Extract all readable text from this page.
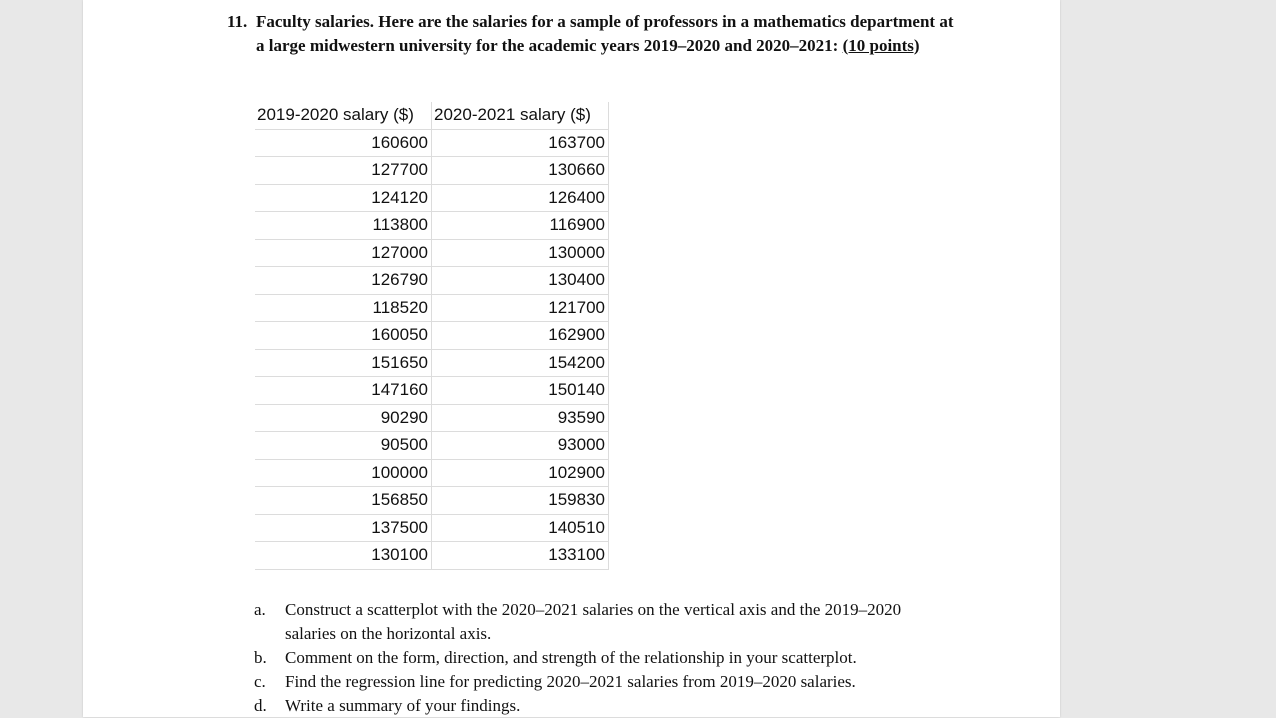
11. Faculty salaries. Here are the salaries for a sample of professors in a mathematics department at a large midwestern university for the academic years 2019–2020 and 2020–2021: (10 points)
2019-2020 salary ($)	2020-2021 salary ($)
160600	163700
127700	130660
124120	126400
113800	116900
127000	130000
126790	130400
118520	121700
160050	162900
151650	154200
147160	150140
90290	93590
90500	93000
100000	102900
156850	159830
137500	140510
130100	133100
a.	Construct a scatterplot with the 2020–2021 salaries on the vertical axis and the 2019–2020 salaries on the horizontal axis.
b.	Comment on the form, direction, and strength of the relationship in your scatterplot.
c.	Find the regression line for predicting 2020–2021 salaries from 2019–2020 salaries.
d.	Write a summary of your findings.
